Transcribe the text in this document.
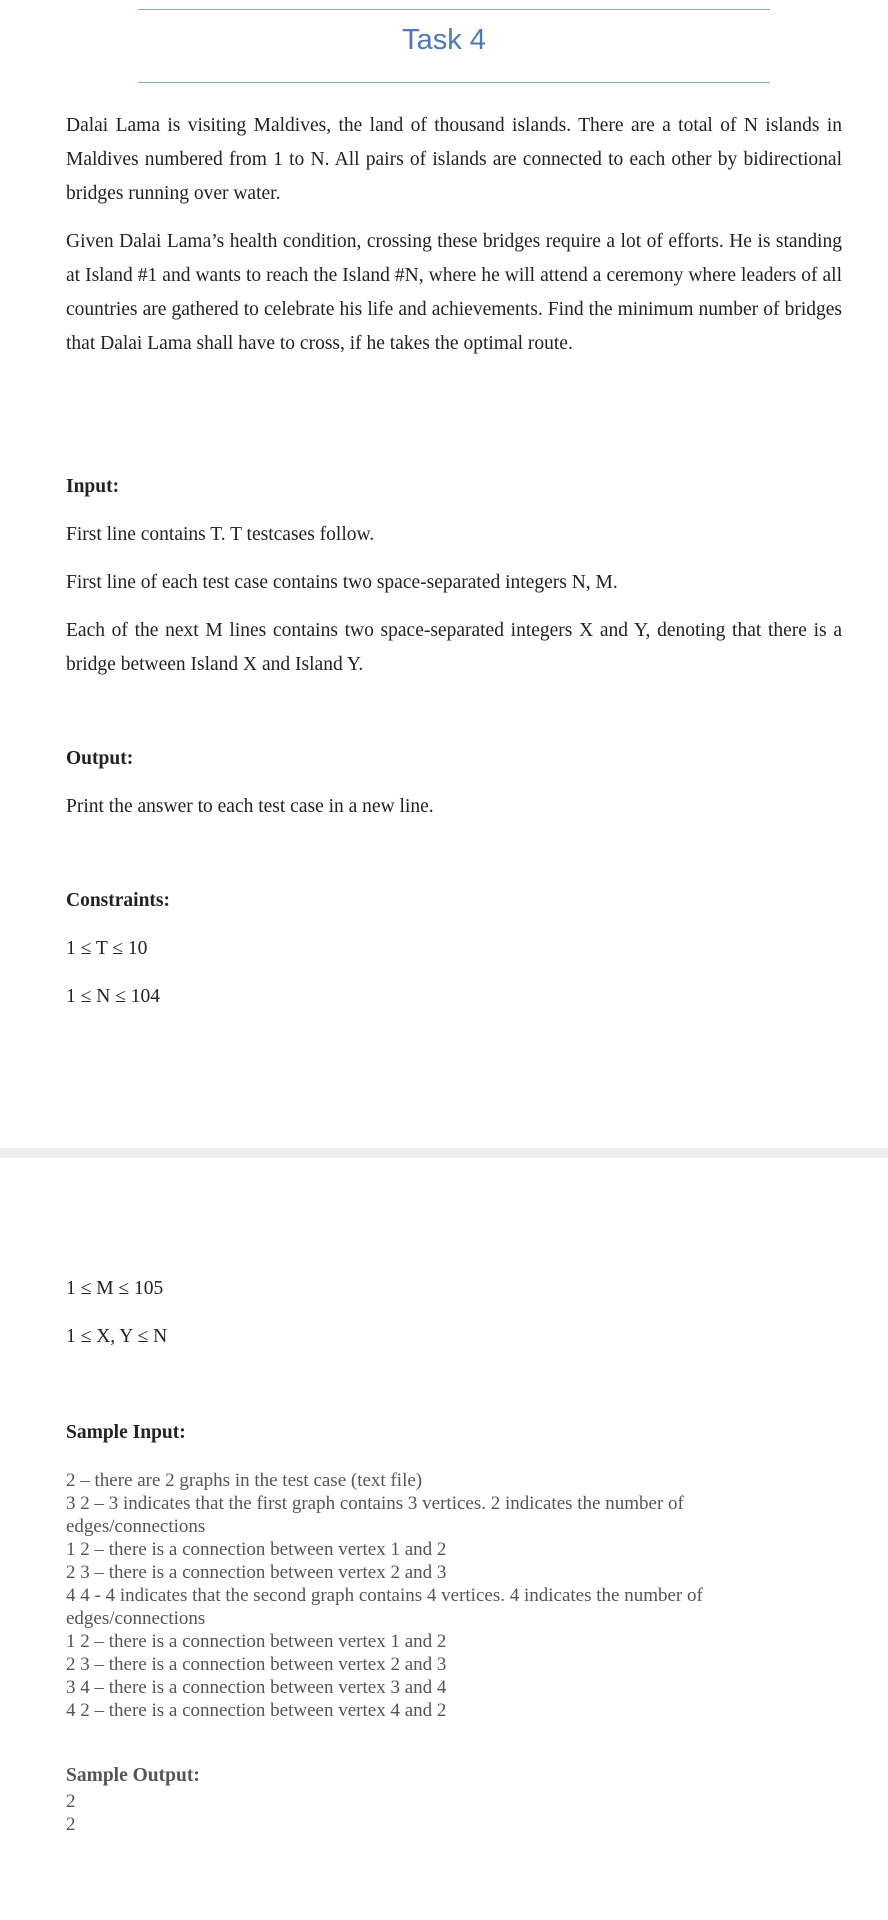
Task 4

Dalai Lama is visiting Maldives, the land of thousand islands. There are a total of N islands in Maldives numbered from 1 to N. All pairs of islands are connected to each other by bidirectional bridges running over water.

Given Dalai Lama’s health condition, crossing these bridges require a lot of efforts. He is standing at Island #1 and wants to reach the Island #N, where he will attend a ceremony where leaders of all countries are gathered to celebrate his life and achievements. Find the minimum number of bridges that Dalai Lama shall have to cross, if he takes the optimal route.

Input:

First line contains T. T testcases follow.

First line of each test case contains two space-separated integers N, M.

Each of the next M lines contains two space-separated integers X and Y, denoting that there is a bridge between Island X and Island Y.

Output:

Print the answer to each test case in a new line.

Constraints:

1 ≤ T ≤ 10

1 ≤ N ≤ 104

1 ≤ M ≤ 105

1 ≤ X, Y ≤ N

Sample Input:

2 – there are 2 graphs in the test case (text file)
3 2 – 3 indicates that the first graph contains 3 vertices. 2 indicates the number of
edges/connections
1 2 – there is a connection between vertex 1 and 2
2 3 – there is a connection between vertex 2 and 3
4 4 - 4 indicates that the second graph contains 4 vertices. 4 indicates the number of
edges/connections
1 2 – there is a connection between vertex 1 and 2
2 3 – there is a connection between vertex 2 and 3
3 4 – there is a connection between vertex 3 and 4
4 2 – there is a connection between vertex 4 and 2

Sample Output:

2
2
